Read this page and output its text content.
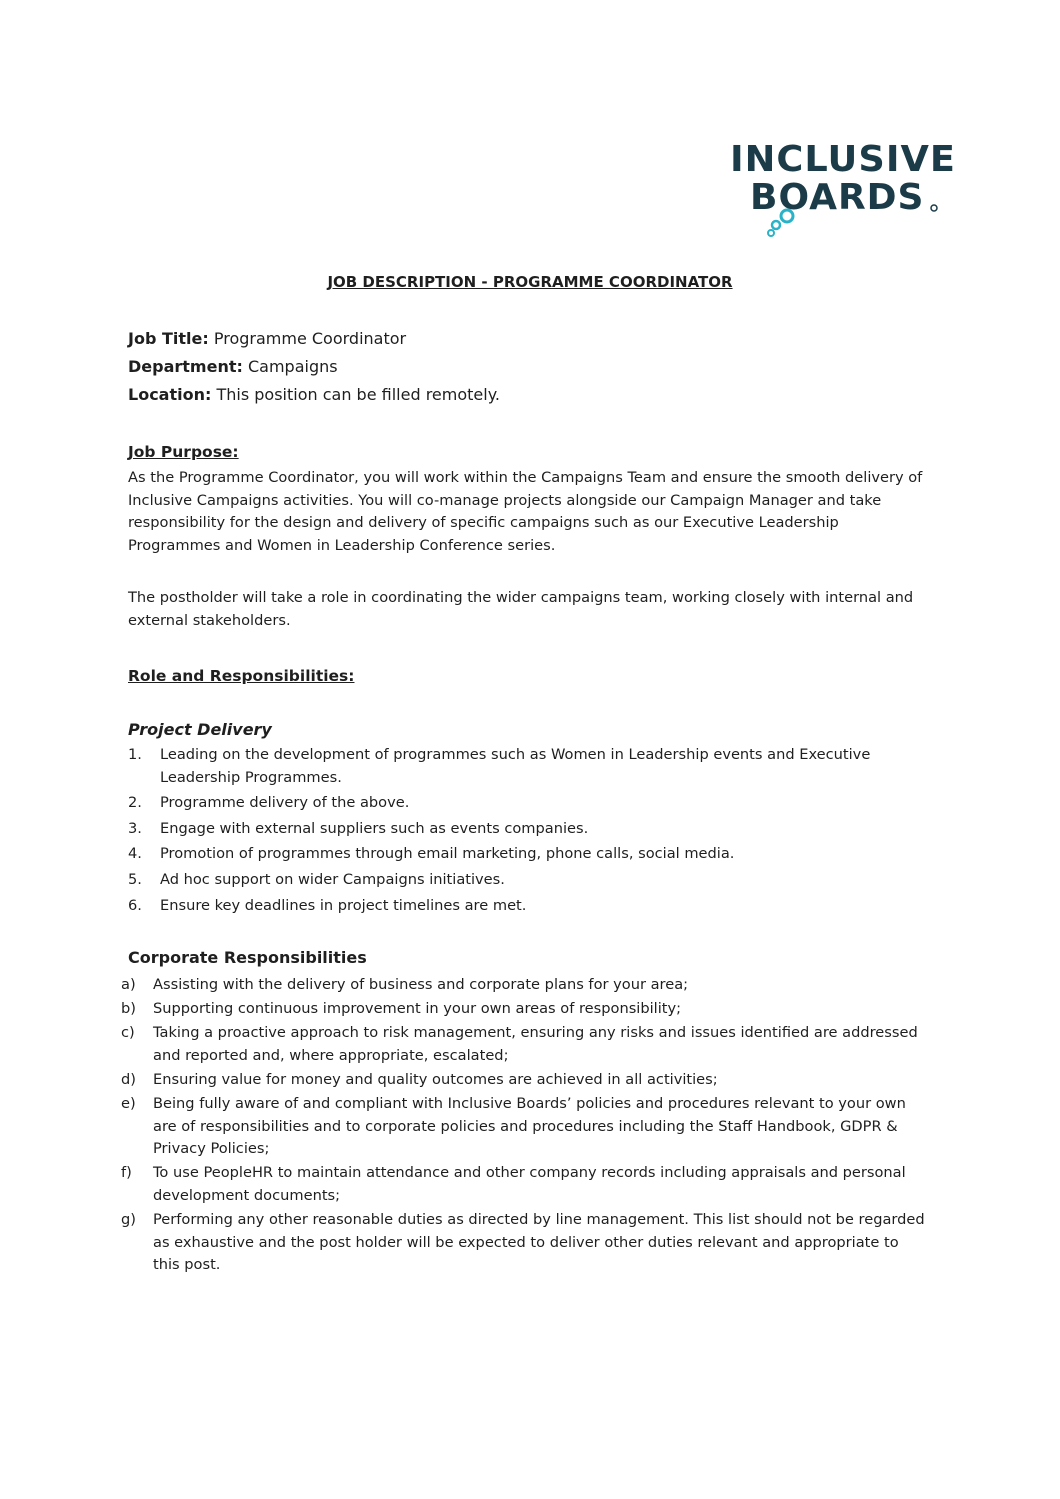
INCLUSIVE
BOARDS
JOB DESCRIPTION - PROGRAMME COORDINATOR
Job Title: Programme Coordinator
Department: Campaigns
Location: This position can be filled remotely.
Job Purpose:
As the Programme Coordinator, you will work within the Campaigns Team and ensure the smooth delivery of Inclusive Campaigns activities. You will co-manage projects alongside our Campaign Manager and take responsibility for the design and delivery of specific campaigns such as our Executive Leadership Programmes and Women in Leadership Conference series.
The postholder will take a role in coordinating the wider campaigns team, working closely with internal and external stakeholders.
Role and Responsibilities:
Project Delivery
1.	Leading on the development of programmes such as Women in Leadership events and Executive Leadership Programmes.
2.	Programme delivery of the above.
3.	Engage with external suppliers such as events companies.
4.	Promotion of programmes through email marketing, phone calls, social media.
5.	Ad hoc support on wider Campaigns initiatives.
6.	Ensure key deadlines in project timelines are met.
Corporate Responsibilities
a)	Assisting with the delivery of business and corporate plans for your area;
b)	Supporting continuous improvement in your own areas of responsibility;
c)	Taking a proactive approach to risk management, ensuring any risks and issues identified are addressed and reported and, where appropriate, escalated;
d)	Ensuring value for money and quality outcomes are achieved in all activities;
e)	Being fully aware of and compliant with Inclusive Boards’ policies and procedures relevant to your own are of responsibilities and to corporate policies and procedures including the Staff Handbook, GDPR & Privacy Policies;
f)	To use PeopleHR to maintain attendance and other company records including appraisals and personal development documents;
g)	Performing any other reasonable duties as directed by line management. This list should not be regarded as exhaustive and the post holder will be expected to deliver other duties relevant and appropriate to this post.
